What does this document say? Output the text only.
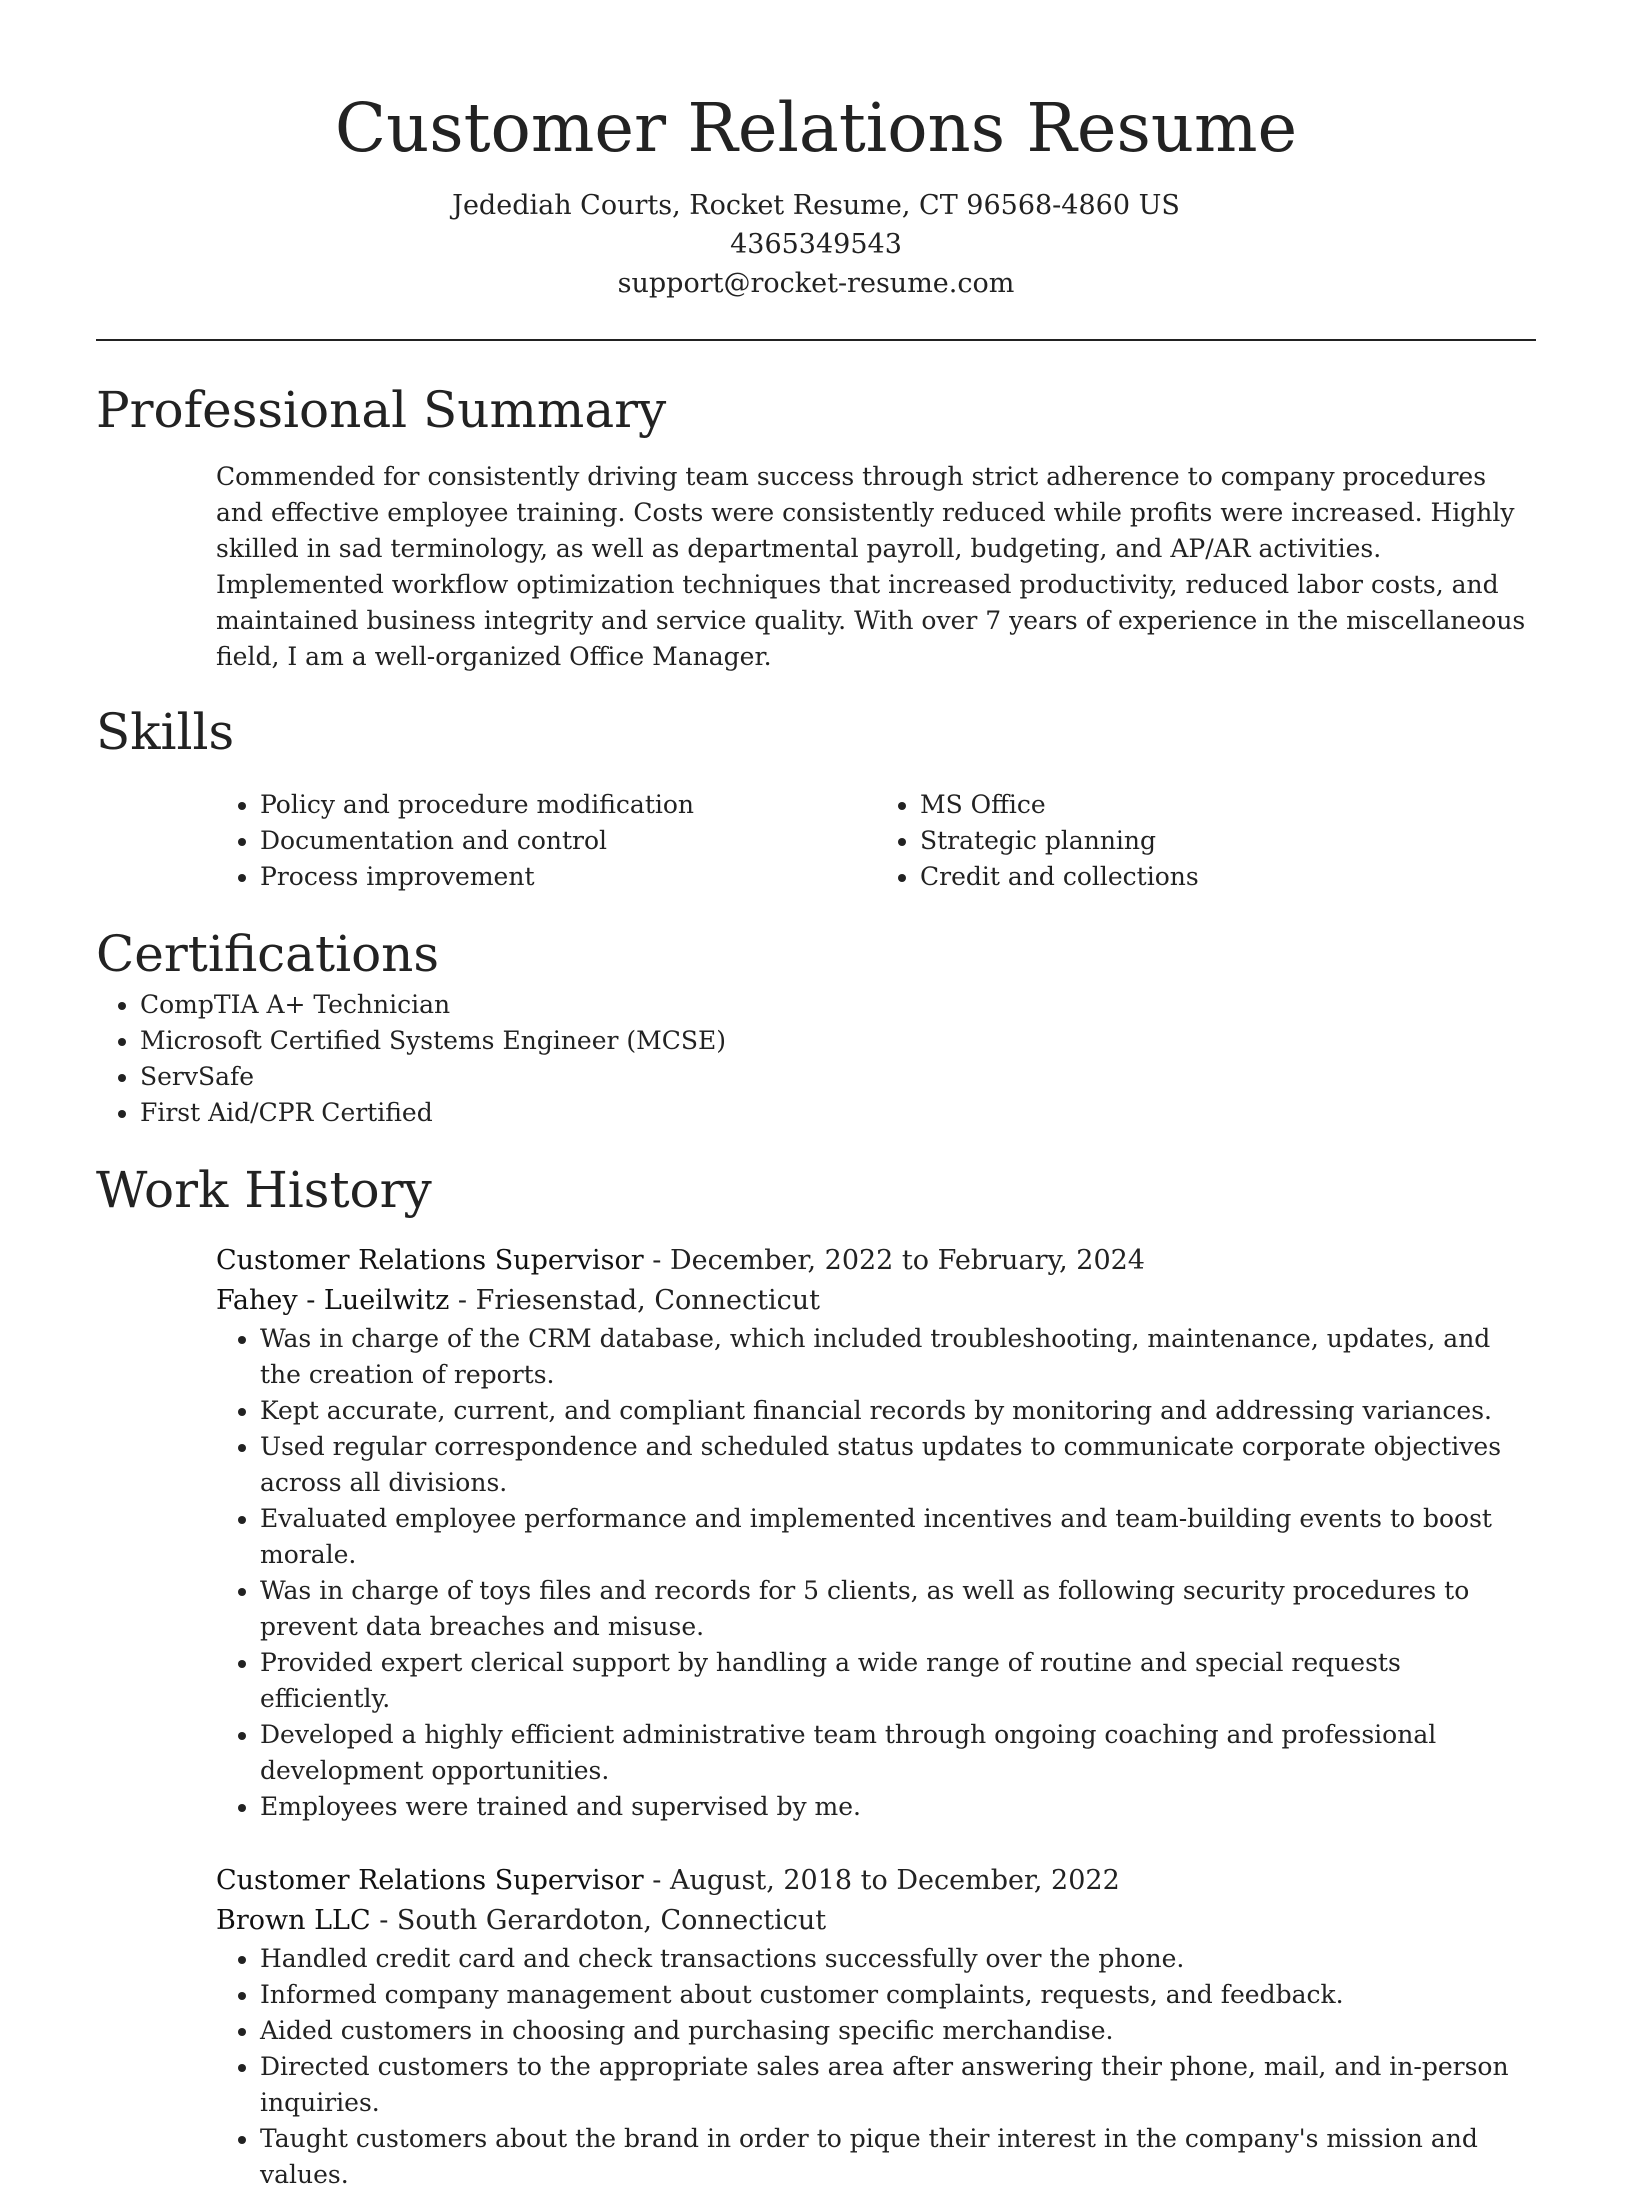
Customer Relations Resume
Jedediah Courts, Rocket Resume, CT 96568-4860 US
4365349543
support@rocket-resume.com
Professional Summary

Commended for consistently driving team success through strict adherence to company procedures and effective employee training. Costs were consistently reduced while profits were increased. Highly skilled in sad terminology, as well as departmental payroll, budgeting, and AP/AR activities. Implemented workflow optimization techniques that increased productivity, reduced labor costs, and maintained business integrity and service quality. With over 7 years of experience in the miscellaneous field, I am a well-organized Office Manager.

Skills
• Policy and procedure modification
• Documentation and control
• Process improvement
• MS Office
• Strategic planning
• Credit and collections
Certifications
• CompTIA A+ Technician
• Microsoft Certified Systems Engineer (MCSE)
• ServSafe
• First Aid/CPR Certified
Work History
Customer Relations Supervisor - December, 2022 to February, 2024
Fahey - Lueilwitz - Friesenstad, Connecticut
• Was in charge of the CRM database, which included troubleshooting, maintenance, updates, and the creation of reports.
• Kept accurate, current, and compliant financial records by monitoring and addressing variances.
• Used regular correspondence and scheduled status updates to communicate corporate objectives across all divisions.
• Evaluated employee performance and implemented incentives and team-building events to boost morale.
• Was in charge of toys files and records for 5 clients, as well as following security procedures to prevent data breaches and misuse.
• Provided expert clerical support by handling a wide range of routine and special requests efficiently.
• Developed a highly efficient administrative team through ongoing coaching and professional development opportunities.
• Employees were trained and supervised by me.
Customer Relations Supervisor - August, 2018 to December, 2022
Brown LLC - South Gerardoton, Connecticut
• Handled credit card and check transactions successfully over the phone.
• Informed company management about customer complaints, requests, and feedback.
• Aided customers in choosing and purchasing specific merchandise.
• Directed customers to the appropriate sales area after answering their phone, mail, and in-person inquiries.
• Taught customers about the brand in order to pique their interest in the company's mission and values.
